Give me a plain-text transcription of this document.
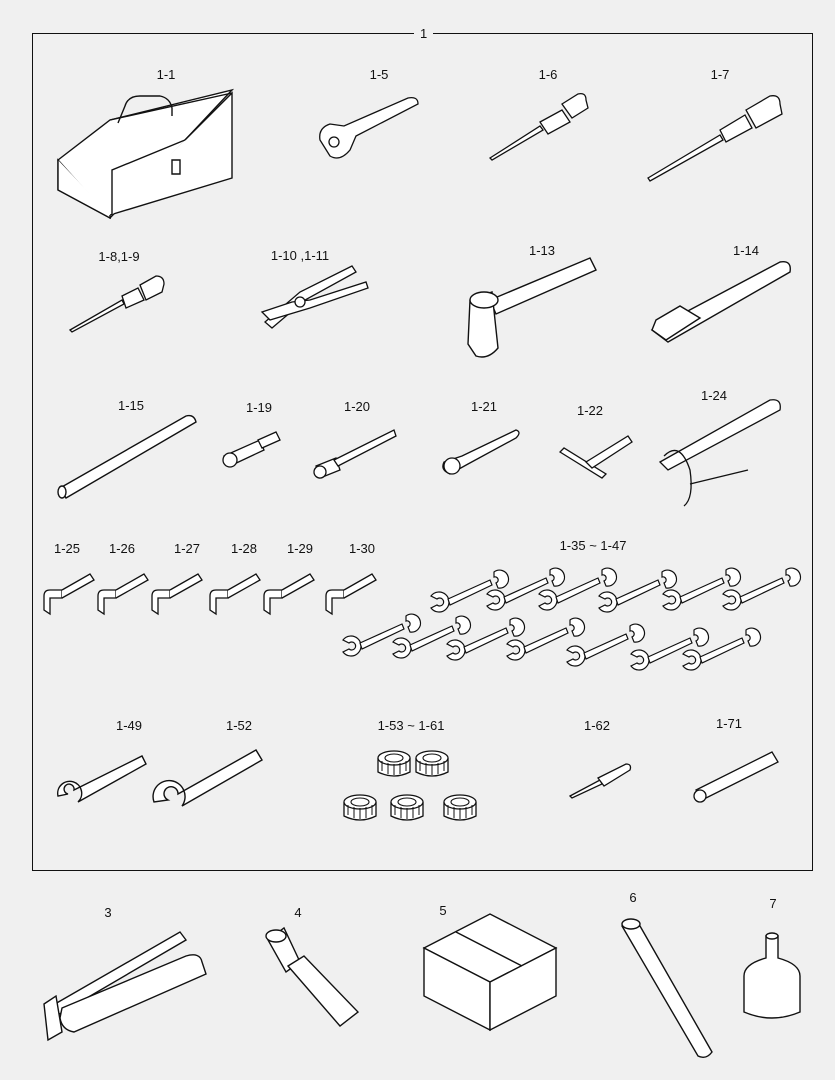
1
1-1	1-5	1-6	1-7
1-8,1-9	1-10 ,1-11	1-13	1-14
1-15	1-19	1-20	1-21	1-22
1-24
1-25 1-26	1-27 1-28 1-29	1-30	1-35 ~ 1-47
1-49	1-52	1-53 ~ 1-61	1-62	1-71
3	4	5
6	7
